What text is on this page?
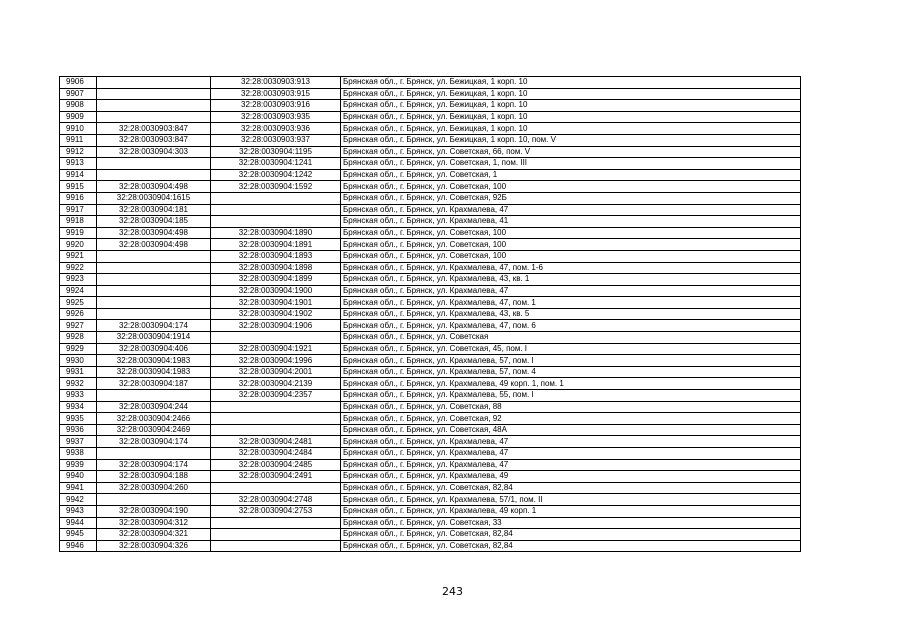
9906		32:28:0030903:913	Брянская обл., г. Брянск, ул. Бежицкая, 1 корп. 10
9907		32:28:0030903:915	Брянская обл., г. Брянск, ул. Бежицкая, 1 корп. 10
9908		32:28:0030903:916	Брянская обл., г. Брянск, ул. Бежицкая, 1 корп. 10
9909		32:28:0030903:935	Брянская обл., г. Брянск, ул. Бежицкая, 1 корп. 10
9910	32:28:0030903:847	32:28:0030903:936	Брянская обл., г. Брянск, ул. Бежицкая, 1 корп. 10
9911	32:28:0030903:847	32:28:0030903:937	Брянская обл., г. Брянск, ул. Бежицкая, 1 корп. 10, пом. V
9912	32:28:0030904:303	32:28:0030904:1195	Брянская обл., г. Брянск, ул. Советская, 66, пом. V
9913		32:28:0030904:1241	Брянская обл., г. Брянск, ул. Советская, 1, пом. III
9914		32:28:0030904:1242	Брянская обл., г. Брянск, ул. Советская, 1
9915	32:28:0030904:498	32:28:0030904:1592	Брянская обл., г. Брянск, ул. Советская, 100
9916	32:28:0030904:1615		Брянская обл., г. Брянск, ул. Советская, 92Б
9917	32:28:0030904:181		Брянская обл., г. Брянск, ул. Крахмалева, 47
9918	32:28:0030904:185		Брянская обл., г. Брянск, ул. Крахмалева, 41
9919	32:28:0030904:498	32:28:0030904:1890	Брянская обл., г. Брянск, ул. Советская, 100
9920	32:28:0030904:498	32:28:0030904:1891	Брянская обл., г. Брянск, ул. Советская, 100
9921		32:28:0030904:1893	Брянская обл., г. Брянск, ул. Советская, 100
9922		32:28:0030904:1898	Брянская обл., г. Брянск, ул. Крахмалева, 47, пом. 1-6
9923		32:28:0030904:1899	Брянская обл., г. Брянск, ул. Крахмалева, 43, кв. 1
9924		32:28:0030904:1900	Брянская обл., г. Брянск, ул. Крахмалева, 47
9925		32:28:0030904:1901	Брянская обл., г. Брянск, ул. Крахмалева, 47, пом. 1
9926		32:28:0030904:1902	Брянская обл., г. Брянск, ул. Крахмалева, 43, кв. 5
9927	32:28:0030904:174	32:28:0030904:1906	Брянская обл., г. Брянск, ул. Крахмалева, 47, пом. 6
9928	32:28:0030904:1914		Брянская обл., г. Брянск, ул. Советская
9929	32:28:0030904:406	32:28:0030904:1921	Брянская обл., г. Брянск, ул. Советская, 45, пом. I
9930	32:28:0030904:1983	32:28:0030904:1996	Брянская обл., г. Брянск, ул. Крахмалева, 57, пом. I
9931	32:28:0030904:1983	32:28:0030904:2001	Брянская обл., г. Брянск, ул. Крахмалева, 57, пом. 4
9932	32:28:0030904:187	32:28:0030904:2139	Брянская обл., г. Брянск, ул. Крахмалева, 49 корп. 1, пом. 1
9933		32:28:0030904:2357	Брянская обл., г. Брянск, ул. Крахмалева, 55, пом. I
9934	32:28:0030904:244		Брянская обл., г. Брянск, ул. Советская, 88
9935	32:28:0030904:2466		Брянская обл., г. Брянск, ул. Советская, 92
9936	32:28:0030904:2469		Брянская обл., г. Брянск, ул. Советская, 48А
9937	32:28:0030904:174	32:28:0030904:2481	Брянская обл., г. Брянск, ул. Крахмалева, 47
9938		32:28:0030904:2484	Брянская обл., г. Брянск, ул. Крахмалева, 47
9939	32:28:0030904:174	32:28:0030904:2485	Брянская обл., г. Брянск, ул. Крахмалева, 47
9940	32:28:0030904:188	32:28:0030904:2491	Брянская обл., г. Брянск, ул. Крахмалева, 49
9941	32:28:0030904:260		Брянская обл., г. Брянск, ул. Советская, 82,84
9942		32:28:0030904:2748	Брянская обл., г. Брянск, ул. Крахмалева, 57/1, пом. II
9943	32:28:0030904:190	32:28:0030904:2753	Брянская обл., г. Брянск, ул. Крахмалева, 49 корп. 1
9944	32:28:0030904:312		Брянская обл., г. Брянск, ул. Советская, 33
9945	32:28:0030904:321		Брянская обл., г. Брянск, ул. Советская, 82,84
9946	32:28:0030904:326		Брянская обл., г. Брянск, ул. Советская, 82,84
243
